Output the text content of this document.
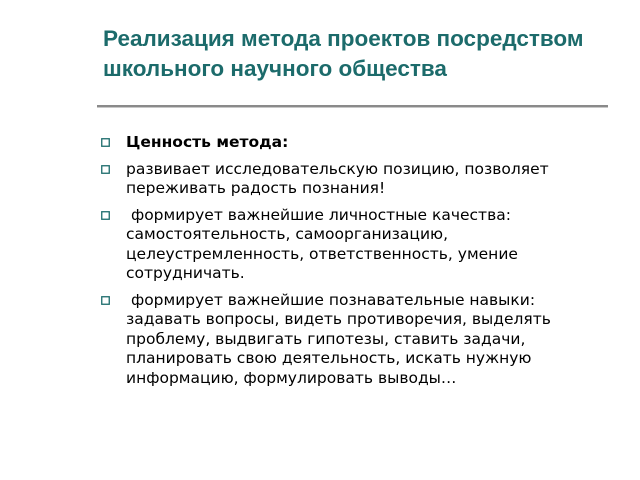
Реализация метода проектов посредством школьного научного общества
Ценность метода:
развивает исследовательскую позицию, позволяет переживать радость познания!
формирует важнейшие личностные качества: самостоятельность, самоорганизацию, целеустремленность, ответственность, умение сотрудничать.
формирует важнейшие познавательные навыки:  задавать вопросы, видеть противоречия, выделять проблему, выдвигать гипотезы, ставить задачи, планировать свою деятельность, искать нужную информацию, формулировать выводы…
